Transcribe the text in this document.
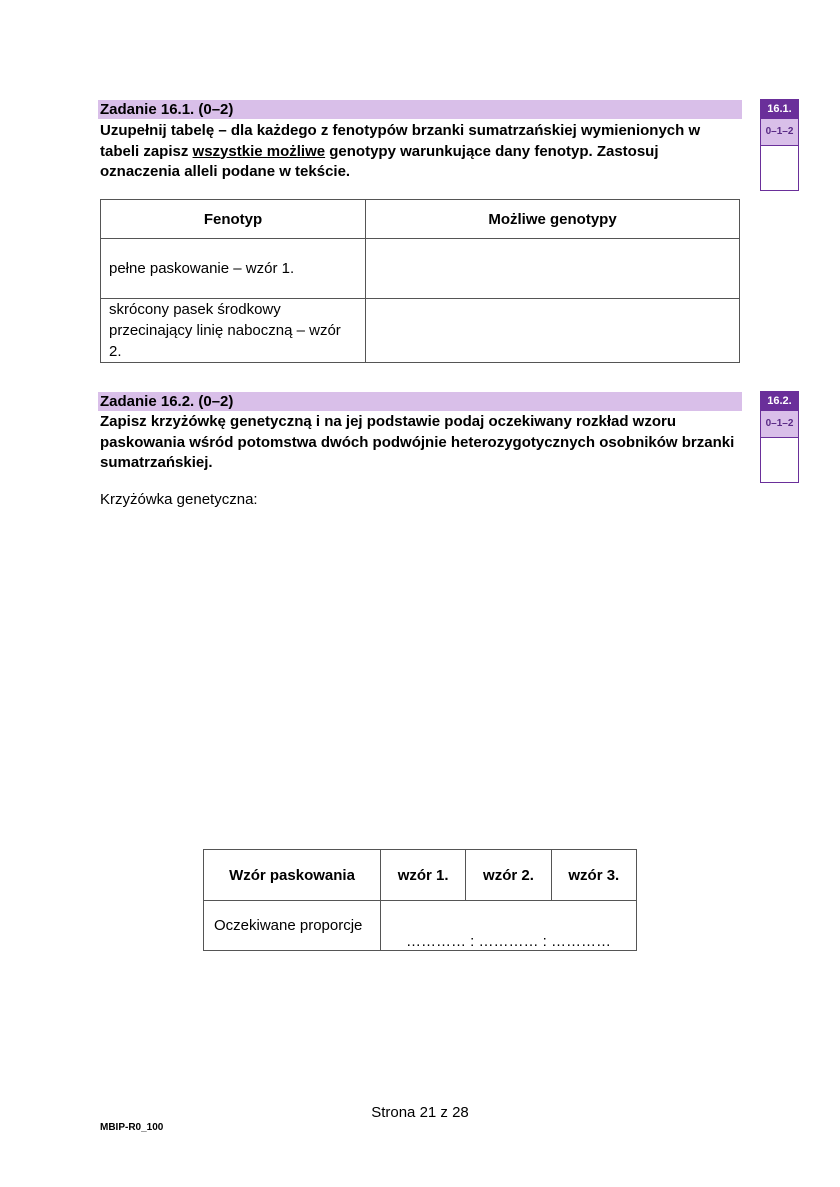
Zadanie 16.1. (0–2)
Uzupełnij tabelę – dla każdego z fenotypów brzanki sumatrzańskiej wymienionych w tabeli zapisz wszystkie możliwe genotypy warunkujące dany fenotyp. Zastosuj oznaczenia alleli podane w tekście.
16.1.
0–1–2
Fenotyp	Możliwe genotypy
pełne paskowanie – wzór 1.	
skrócony pasek środkowy przecinający linię naboczną – wzór 2.	
Zadanie 16.2. (0–2)
Zapisz krzyżówkę genetyczną i na jej podstawie podaj oczekiwany rozkład wzoru paskowania wśród potomstwa dwóch podwójnie heterozygotycznych osobników brzanki sumatrzańskiej.
16.2.
0–1–2
Krzyżówka genetyczna:
Wzór paskowania	wzór 1.	wzór 2.	wzór 3.
Oczekiwane proporcje	………… : ………… : …………		
Strona 21 z 28
MBIP-R0_100
